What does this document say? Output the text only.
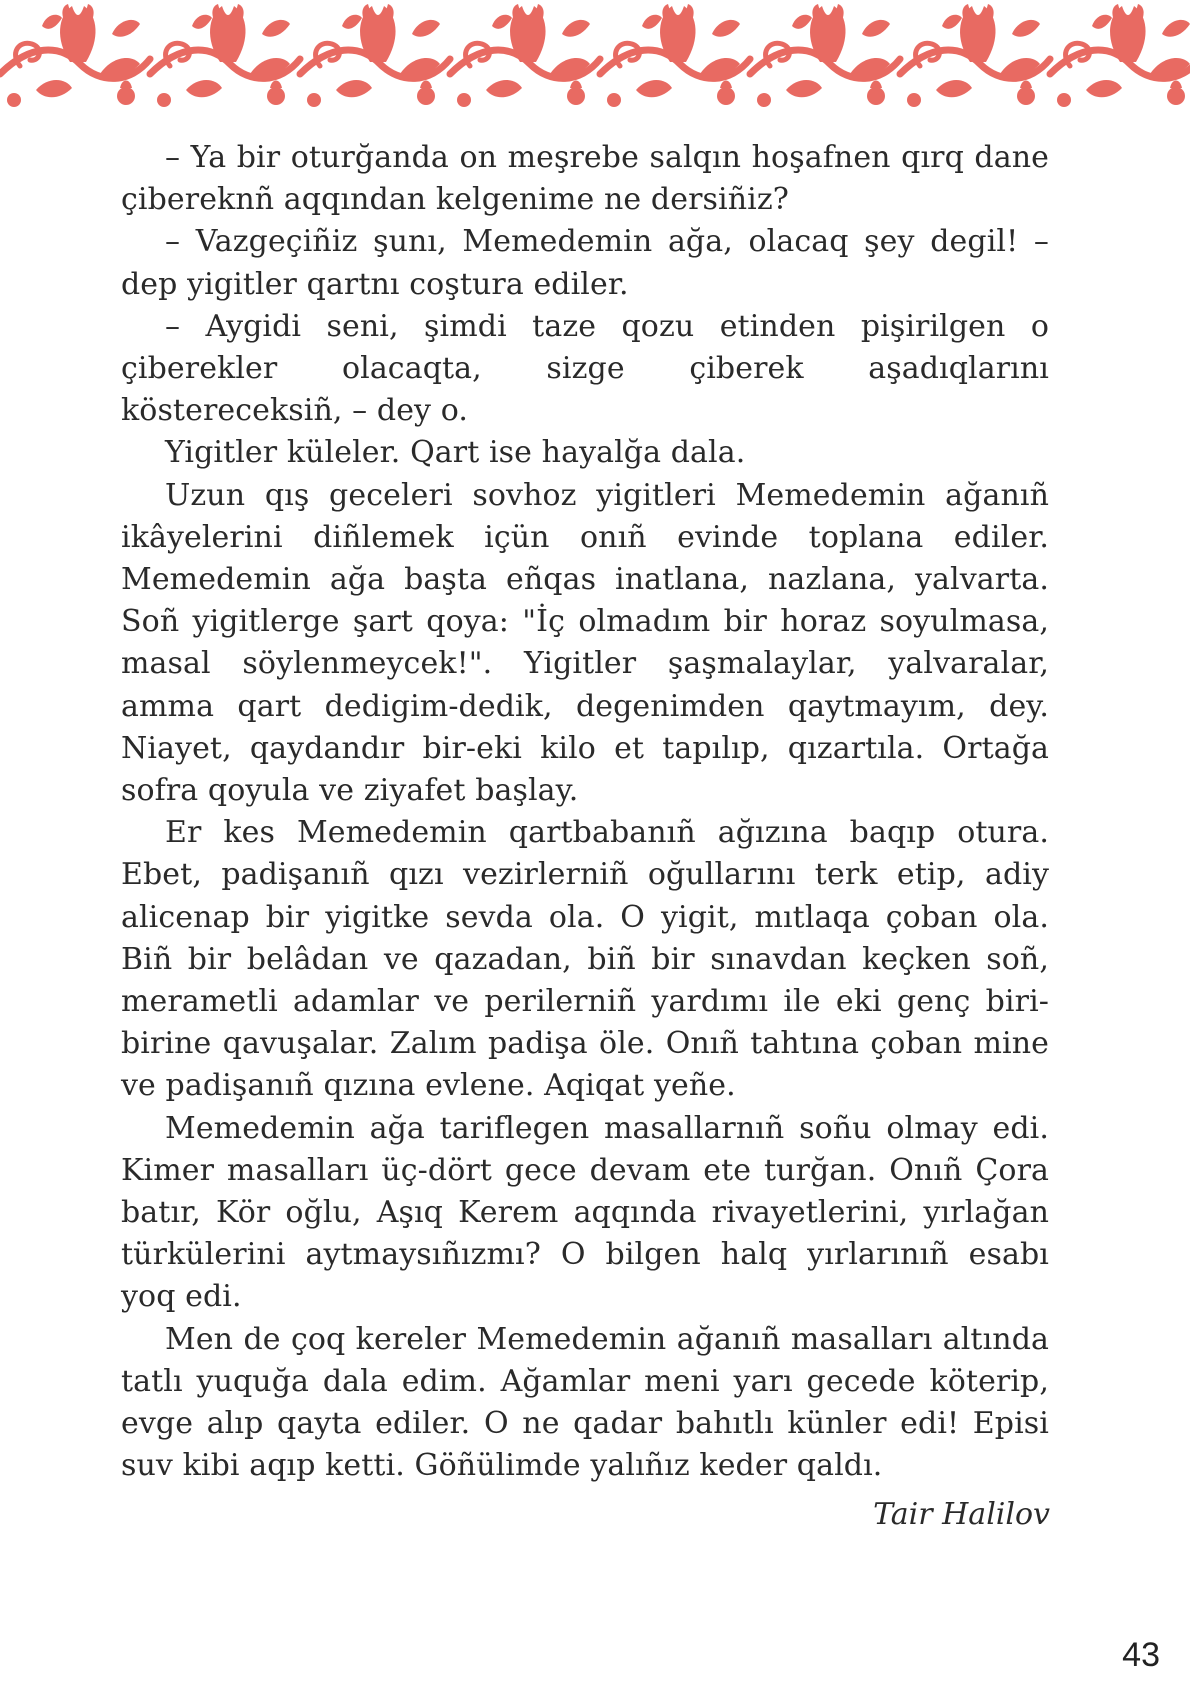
– Ya bir oturğanda on meşrebe salqın hoşafnen qırq dane çibereknñ aqqından kelgenime ne dersiñiz?

– Vazgeçiñiz şunı, Memedemin ağa, olacaq şey degil! – dep yigitler qartnı coştura ediler.

– Aygidi seni, şimdi taze qozu etinden pişirilgen o çiberekler olacaqta, sizge çiberek aşadıqlarını köstereceksiñ, – dey o.

Yigitler küleler. Qart ise hayalğa dala.

Uzun qış geceleri sovhoz yigitleri Memedemin ağanıñ ikâyelerini diñlemek içün onıñ evinde toplana ediler. Memedemin ağa başta eñqas inatlana, nazlana, yalvarta. Soñ yigitlerge şart qoya: "İç olmadım bir horaz soyulmasa, masal söylenmeycek!". Yigitler şaşmalaylar, yalvaralar, amma qart dedigim-dedik, degenimden qaytmayım, dey. Niayet, qaydandır bir-eki kilo et tapılıp, qızartıla. Ortağa sofra qoyula ve ziyafet başlay.

Er kes Memedemin qartbabanıñ ağızına baqıp otura. Ebet, padişanıñ qızı vezirlerniñ oğullarını terk etip, adiy alicenap bir yigitke sevda ola. O yigit, mıtlaqa çoban ola. Biñ bir belâdan ve qazadan, biñ bir sınavdan keçken soñ, merametli adamlar ve perilerniñ yardımı ile eki genç biri-birine qavuşalar. Zalım padişa öle. Onıñ tahtına çoban mine ve padişanıñ qızına evlene. Aqiqat yeñe.

Memedemin ağa tariflegen masallarnıñ soñu olmay edi. Kimer masalları üç-dört gece devam ete turğan. Onıñ Çora batır, Kör oğlu, Aşıq Kerem aqqında rivayetlerini, yırlağan türkülerini aytmaysıñızmı? O bilgen halq yırlarınıñ esabı yoq edi.

Men de çoq kereler Memedemin ağanıñ masalları altında tatlı yuquğa dala edim. Ağamlar meni yarı gecede köterip, evge alıp qayta ediler. O ne qadar bahıtlı künler edi! Episi suv kibi aqıp ketti. Göñülimde yalıñız keder qaldı.

Tair Halilov
43
